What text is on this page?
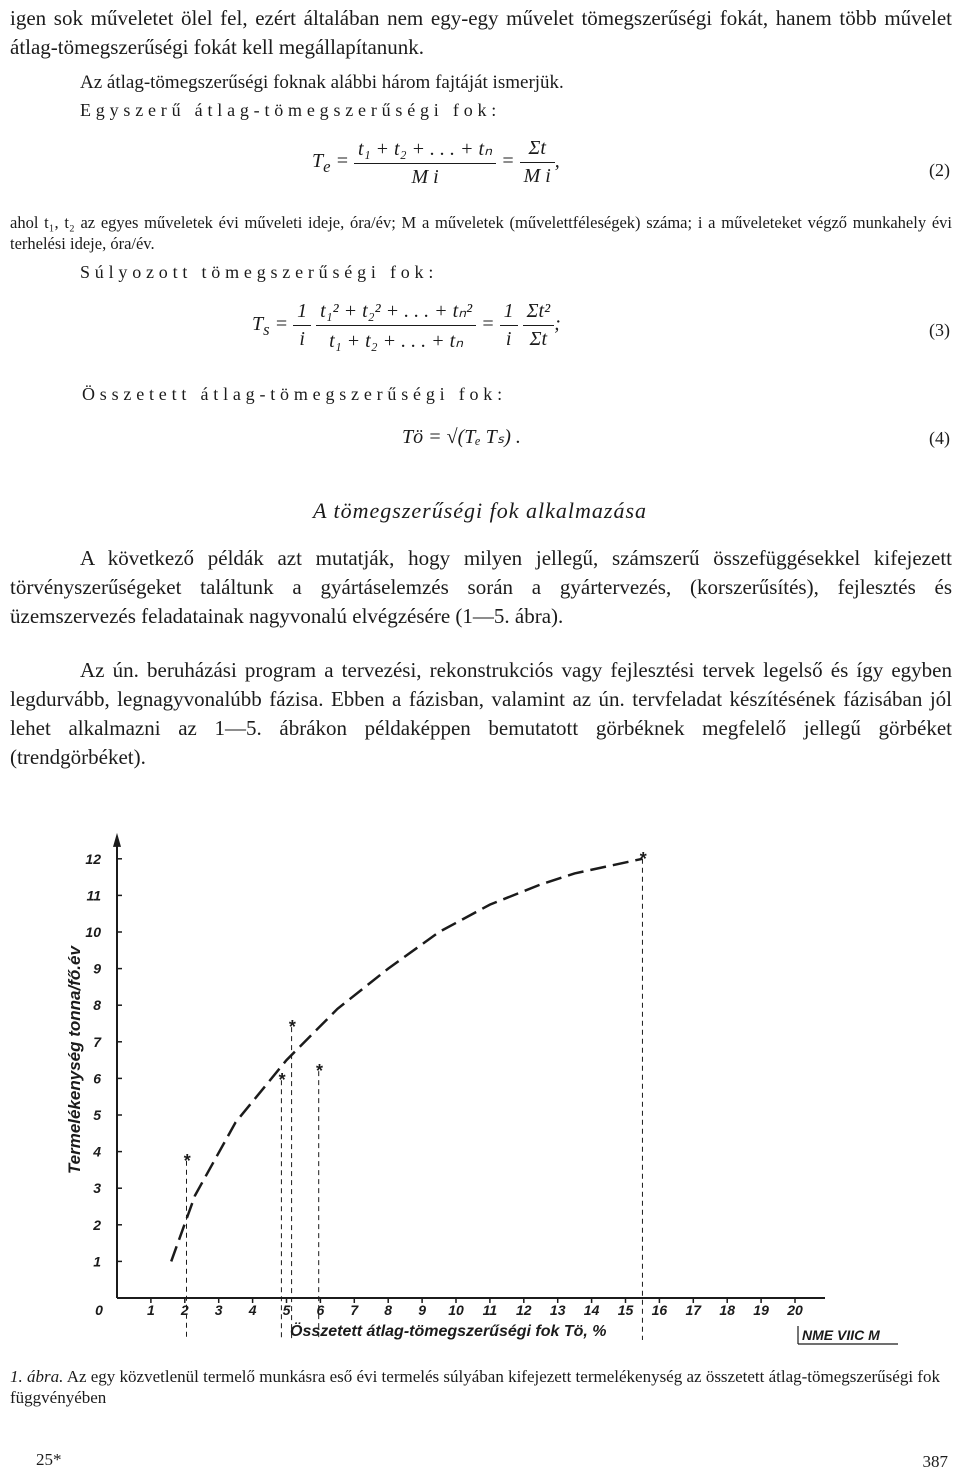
igen sok műveletet ölel fel, ezért általában nem egy-egy művelet tömegszerűségi fokát, hanem több művelet átlag-tömegszerűségi fokát kell megállapítanunk.

Az átlag-tömegszerűségi foknak alábbi három fajtáját ismerjük.

Egyszerű átlag-tömegszerűségi fok:

$T_e = \frac{\text{t₁ + t₂ + . . . + tₙ}}{\text{M i}} = \frac{\Sigma t}{\text{M i}}$ ,	(2)

ahol t₁, t₂ az egyes műveletek évi műveleti ideje, óra/év; M a műveletek (művelettféleségek) száma; i a műveleteket végző munkahely évi terhelési ideje, óra/év.

Súlyozott tömegszerűségi fok:

$T_s = \frac{1}{i}$
$\frac{\text{t₁² + t₂² + . . . + tₙ²}}{\text{t₁ + t₂ + . . . + tₙ}} = \frac{1}{i}$
$\frac{\text{Σt²}}{\Sigma t}$ ;	(3)

Összetett átlag-tömegszerűségi fok:

Tö = √(Tₑ Tₛ) .	(4)
A tömegszerűségi fok alkalmazása

A következő példák azt mutatják, hogy milyen jellegű, számszerű összefüggésekkel kifejezett törvényszerűségeket találtunk a gyártáselemzés során a gyártervezés, (korszerűsítés), fejlesztés és üzemszervezés feladatainak nagyvonalú elvégzésére (1—5. ábra).

Az ún. beruházási program a tervezési, rekonstrukciós vagy fejlesztési tervek legelső és így egyben legdurvább, legnagyvonalúbb fázisa. Ebben a fázisban, valamint az ún. tervfeladat készítésének fázisában jól lehet alkalmazni az 1—5. ábrákon példaképpen bemutatott görbéknek megfelelő jellegű görbéket (trendgörbéket).

*
*
*
*
*
0	1 2 3 4 5 6 7 8 9 10 11 12 13 14 15 16 17 18 19 20
1
2
3
4
5
6
7
8
9
10
11
12
Termelékenység tonna/fő.év
Összetett átlag-tömegszerűségi fok Tö, %	NME VIIC M
1. ábra. Az egy közvetlenül termelő munkásra eső évi termelés súlyában kifejezett termelékenység az összetett átlag-tömegszerűségi fok függvényében
25*	387
